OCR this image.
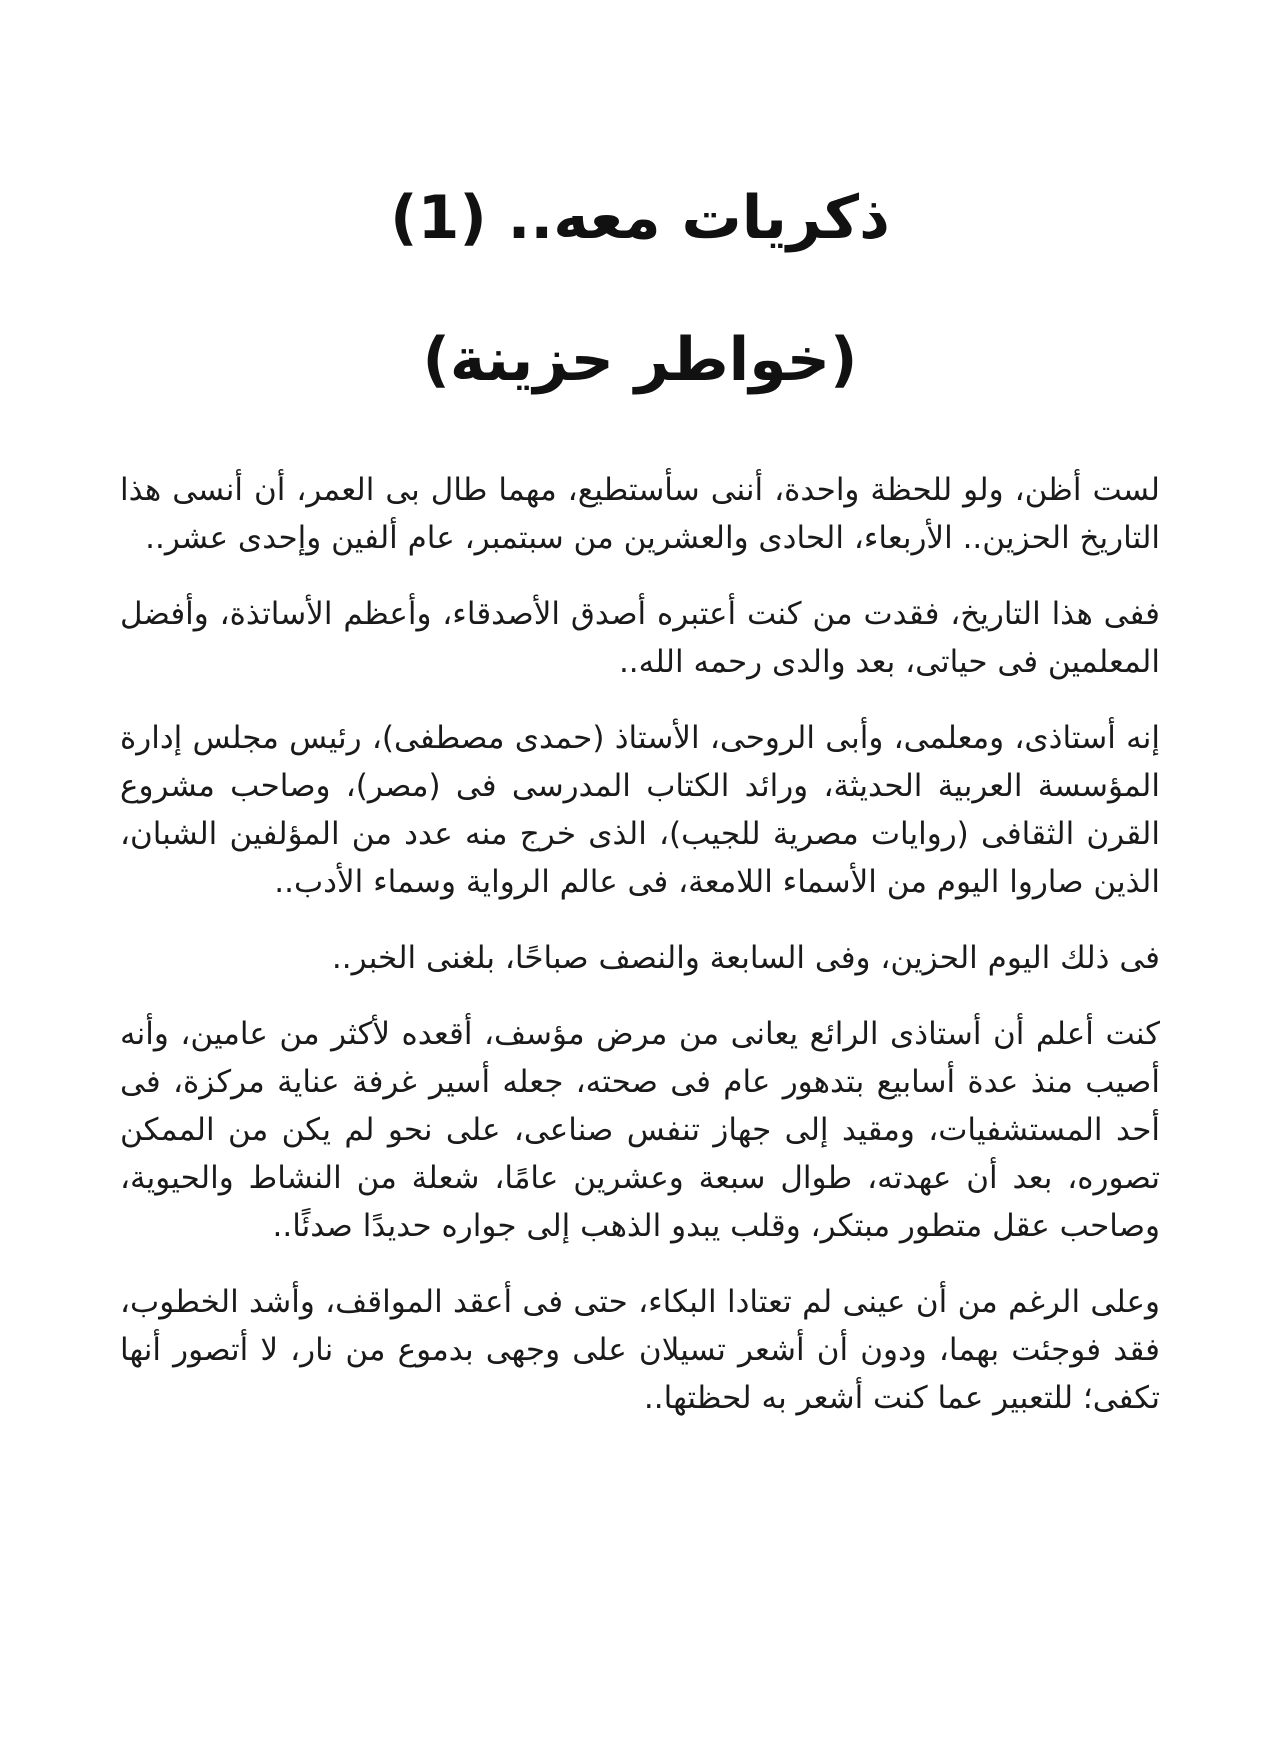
ذكريات معه.. (1)
(خواطر حزينة)

لست أظن، ولو للحظة واحدة، أننى سأستطيع، مهما طال بى العمر، أن أنسى هذا التاريخ الحزين.. الأربعاء، الحادى والعشرين من سبتمبر، عام ألفين وإحدى عشر..

ففى هذا التاريخ، فقدت من كنت أعتبره أصدق الأصدقاء، وأعظم الأساتذة، وأفضل المعلمين فى حياتى، بعد والدى رحمه الله..

إنه أستاذى، ومعلمى، وأبى الروحى، الأستاذ (حمدى مصطفى)، رئيس مجلس إدارة المؤسسة العربية الحديثة، ورائد الكتاب المدرسى فى (مصر)، وصاحب مشروع القرن الثقافى (روايات مصرية للجيب)، الذى خرج منه عدد من المؤلفين الشبان، الذين صاروا اليوم من الأسماء اللامعة، فى عالم الرواية وسماء الأدب..

فى ذلك اليوم الحزين، وفى السابعة والنصف صباحًا، بلغنى الخبر..

كنت أعلم أن أستاذى الرائع يعانى من مرض مؤسف، أقعده لأكثر من عامين، وأنه أصيب منذ عدة أسابيع بتدهور عام فى صحته، جعله أسير غرفة عناية مركزة، فى أحد المستشفيات، ومقيد إلى جهاز تنفس صناعى، على نحو لم يكن من الممكن تصوره، بعد أن عهدته، طوال سبعة وعشرين عامًا، شعلة من النشاط والحيوية، وصاحب عقل متطور مبتكر، وقلب يبدو الذهب إلى جواره حديدًا صدئًا..

وعلى الرغم من أن عينى لم تعتادا البكاء، حتى فى أعقد المواقف، وأشد الخطوب، فقد فوجئت بهما، ودون أن أشعر تسيلان على وجهى بدموع من نار، لا أتصور أنها تكفى؛ للتعبير عما كنت أشعر به لحظتها..
